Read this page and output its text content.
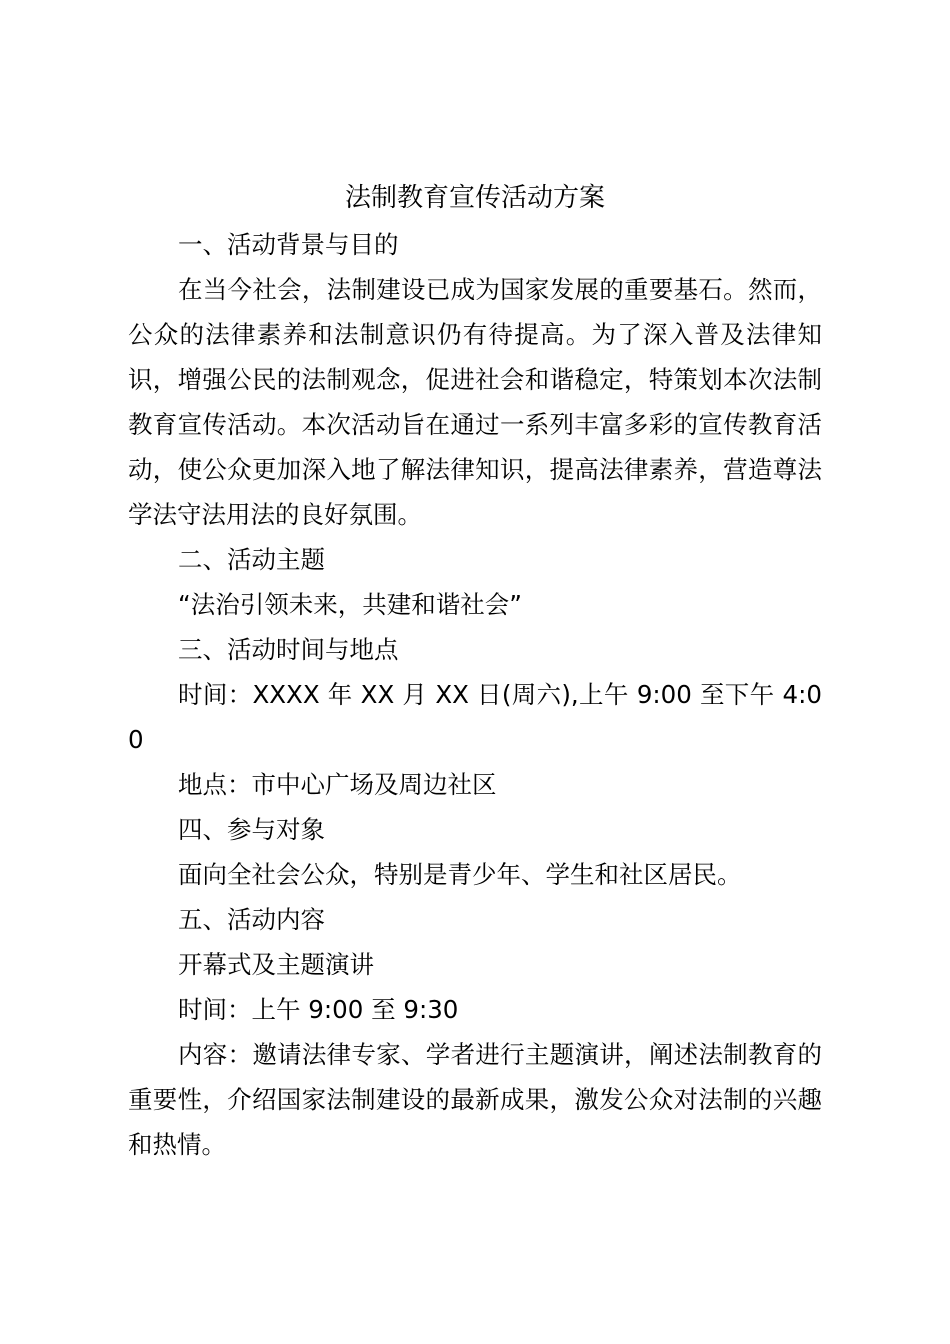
法制教育宣传活动方案

一、活动背景与目的

在当今社会，法制建设已成为国家发展的重要基石。然而，公众的法律素养和法制意识仍有待提高。为了深入普及法律知识，增强公民的法制观念，促进社会和谐稳定，特策划本次法制教育宣传活动。本次活动旨在通过一系列丰富多彩的宣传教育活动，使公众更加深入地了解法律知识，提高法律素养，营造尊法学法守法用法的良好氛围。

二、活动主题

“法治引领未来，共建和谐社会”

三、活动时间与地点

时间：XXXX 年 XX 月 XX 日(周六),上午 9:00 至下午 4:00

地点：市中心广场及周边社区

四、参与对象

面向全社会公众，特别是青少年、学生和社区居民。

五、活动内容

开幕式及主题演讲

时间：上午 9:00 至 9:30

内容：邀请法律专家、学者进行主题演讲，阐述法制教育的重要性，介绍国家法制建设的最新成果，激发公众对法制的兴趣和热情。
